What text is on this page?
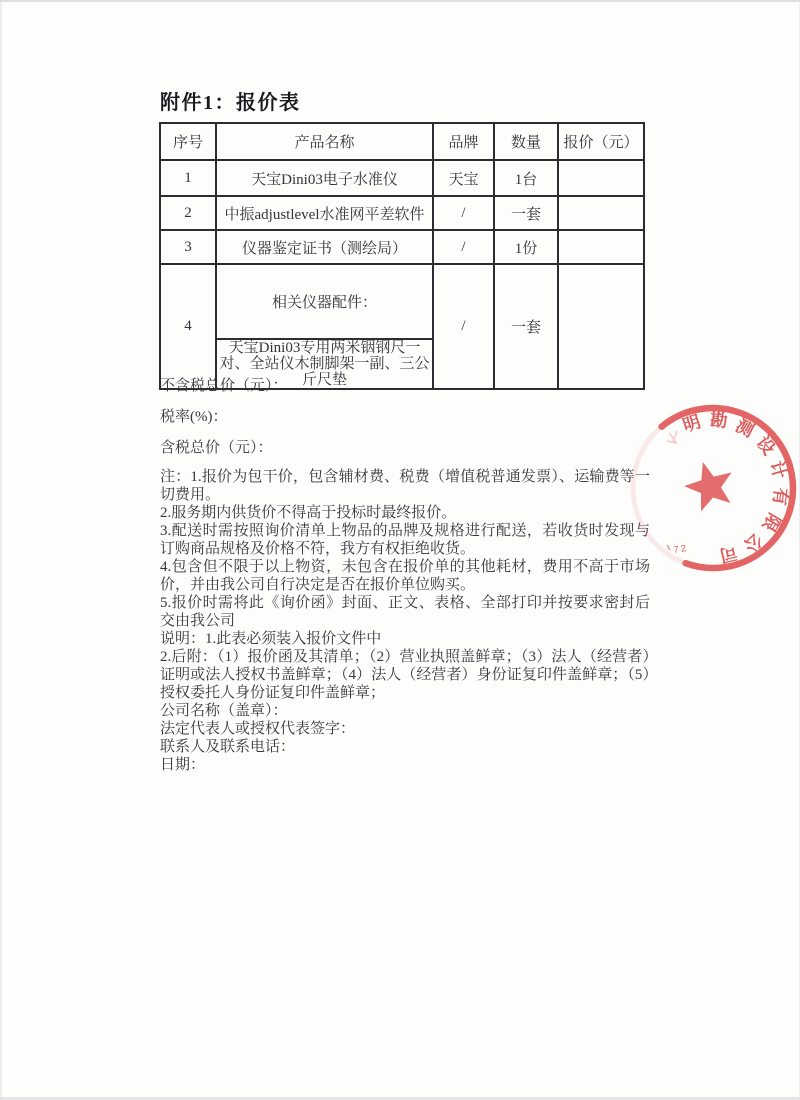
附件1：报价表
序号	产品名称	品牌	数量	报价（元）
1	天宝Dini03电子水准仪	天宝	1台	
2	中振adjustlevel水准网平差软件	/	一套	
3	仪器鉴定证书（测绘局）	/	1份	
4	相关仪器配件：	/	一套	
	天宝Dini03专用两米铟钢尺一对、全站仪木制脚架一副、三公斤尺垫			

不含税总价（元）：

税率(%)：

含税总价（元）：

注：1.报价为包干价，包含辅材费、税费（增值税普通发票）、运输费等一切费用。

2.服务期内供货价不得高于投标时最终报价。

3.配送时需按照询价清单上物品的品牌及规格进行配送，若收货时发现与订购商品规格及价格不符，我方有权拒绝收货。

4.包含但不限于以上物资，未包含在报价单的其他耗材，费用不高于市场价，并由我公司自行决定是否在报价单位购买。

5.报价时需将此《询价函》封面、正文、表格、全部打印并按要求密封后交由我公司

说明：1.此表必须装入报价文件中

2.后附：（1）报价函及其清单；（2）营业执照盖鲜章；（3）法人（经营者）证明或法人授权书盖鲜章；（4）法人（经营者）身份证复印件盖鲜章；（5）授权委托人身份证复印件盖鲜章；

公司名称（盖章）：

法定代表人或授权代表签字：

联系人及联系电话：

日期：

明勘测设计有限公司
72
